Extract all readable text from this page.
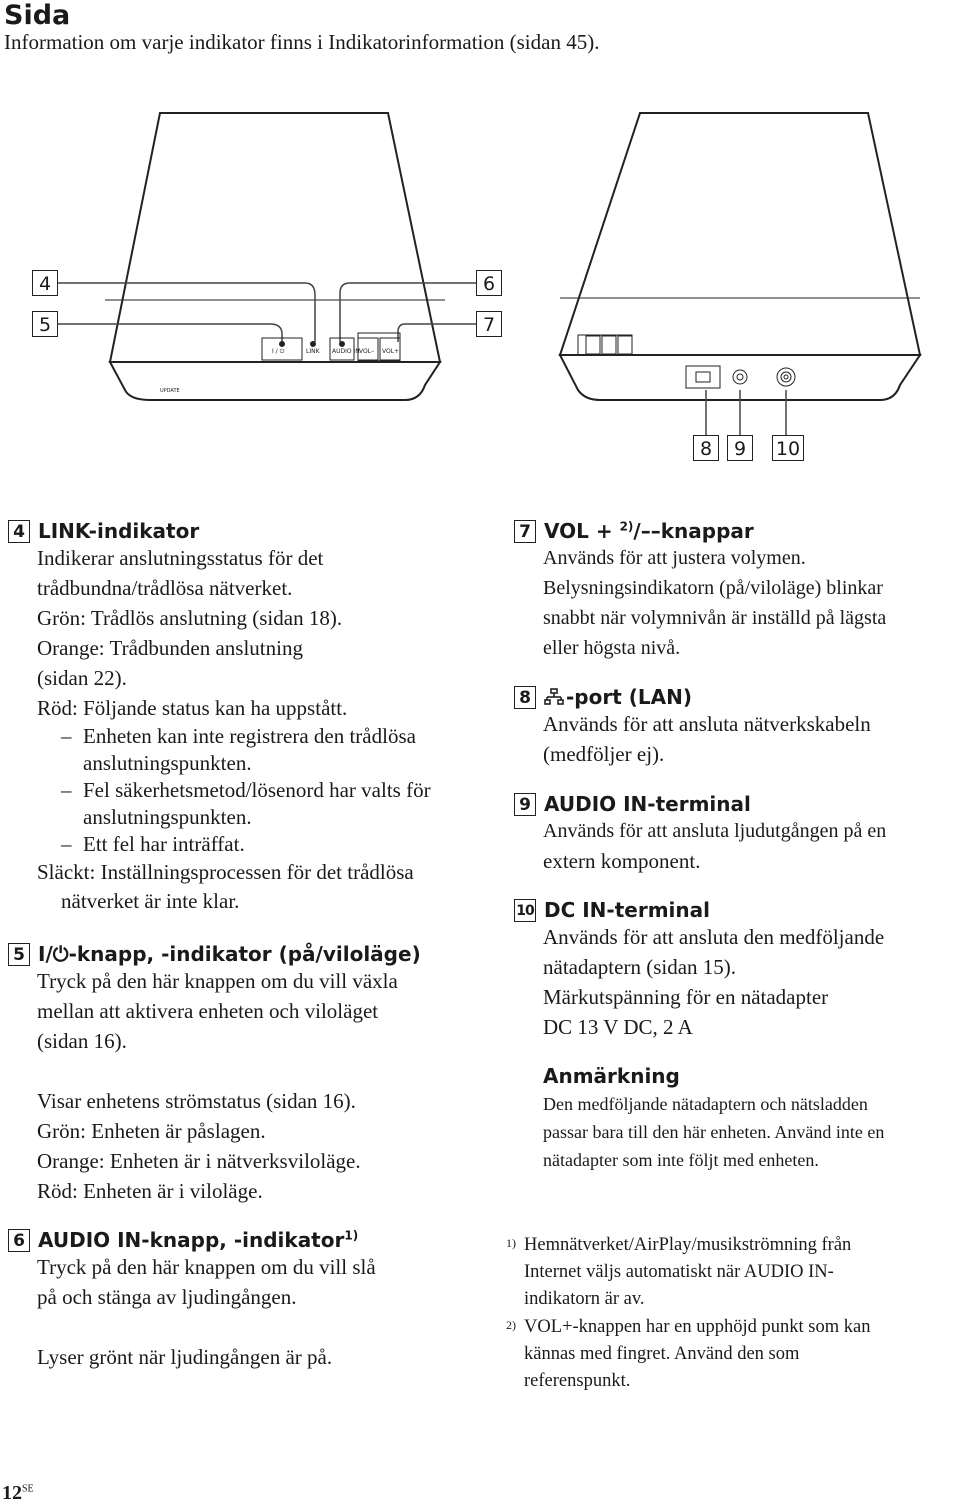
Sida
Information om varje indikator finns i Indikatorinformation (sidan 45).
I / ⏻	LINK AUDIO IN VOL– VOL+
UPDATE
4
5
6
7
8	9	10
4 LINK-indikator
Indikerar anslutningsstatus för det
trådbundna/trådlösa nätverket.
Grön: Trådlös anslutning (sidan 18).
Orange: Trådbunden anslutning
(sidan 22).
Röd: Följande status kan ha uppstått.
– Enheten kan inte registrera den trådlösa anslutningspunkten.
– Fel säkerhetsmetod/lösenord har valts för anslutningspunkten.
– Ett fel har inträffat.
Släckt: Inställningsprocessen för det trådlösa nätverket är inte klar.
5 I/⏻-knapp, -indikator (på/viloläge)
Tryck på den här knappen om du vill växla
mellan att aktivera enheten och viloläget
(sidan 16).
Visar enhetens strömstatus (sidan 16).
Grön: Enheten är påslagen.
Orange: Enheten är i nätverksviloläge.
Röd: Enheten är i viloläge.
6 AUDIO IN-knapp, -indikator$^{1)}$
Tryck på den här knappen om du vill slå
på och stänga av ljudingången.
Lyser grönt när ljudingången är på.
7 VOL + $^{2)}$/––knappar
Används för att justera volymen.
Belysningsindikatorn (på/viloläge) blinkar
snabbt när volymnivån är inställd på lägsta
eller högsta nivå.
8 -port (LAN)
Används för att ansluta nätverkskabeln
(medföljer ej).
9 AUDIO IN-terminal
Används för att ansluta ljudutgången på en
extern komponent.
10 DC IN-terminal
Används för att ansluta den medföljande
nätadaptern (sidan 15).
Märkutspänning för en nätadapter
DC 13 V DC, 2 A
Anmärkning
Den medföljande nätadaptern och nätsladden
passar bara till den här enheten. Använd inte en
nätadapter som inte följt med enheten.
1) Hemnätverket/AirPlay/musikströmning från
Internet väljs automatiskt när AUDIO IN-
indikatorn är av.
2) VOL+-knappen har en upphöjd punkt som kan
kännas med fingret. Använd den som
referenspunkt.
$12^{SE}$
